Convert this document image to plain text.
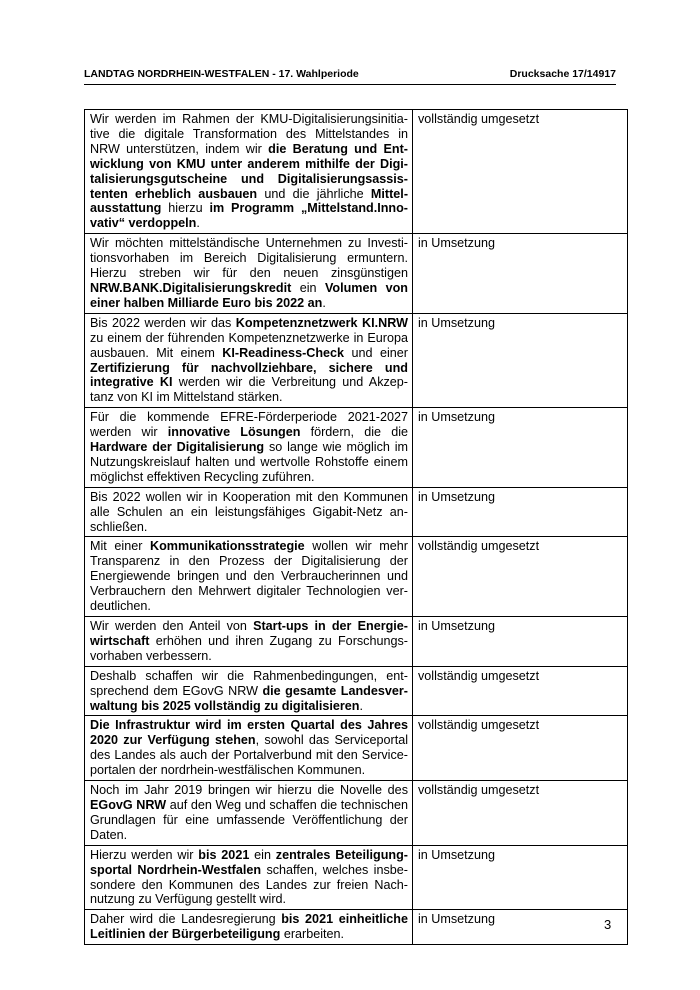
LANDTAG NORDRHEIN-WESTFALEN - 17. Wahlperiode	Drucksache 17/14917
Wir werden im Rahmen der KMU-Digitalisierungsinitiative die digitale Transformation des Mittelstandes in NRW unterstützen, indem wir die Beratung und Entwicklung von KMU unter anderem mithilfe der Digitalisierungsgutscheine und Digitalisierungsassistenten erheblich ausbauen und die jährliche Mittelausstattung hierzu im Programm „Mittelstand.Innovativ“ verdoppeln.	vollständig umgesetzt

Wir möchten mittelständische Unternehmen zu Investitionsvorhaben im Bereich Digitalisierung ermuntern. Hierzu streben wir für den neuen zinsgünstigen NRW.BANK.Digitalisierungskredit ein Volumen von einer halben Milliarde Euro bis 2022 an.	in Umsetzung

Bis 2022 werden wir das Kompetenznetzwerk KI.NRW zu einem der führenden Kompetenznetzwerke in Europa ausbauen. Mit einem KI-Readiness-Check und einer Zertifizierung für nachvollziehbare, sichere und integrative KI werden wir die Verbreitung und Akzeptanz von KI im Mittelstand stärken.	in Umsetzung

Für die kommende EFRE-Förderperiode 2021-2027 werden wir innovative Lösungen fördern, die die Hardware der Digitalisierung so lange wie möglich im Nutzungskreislauf halten und wertvolle Rohstoffe einem möglichst effektiven Recycling zuführen.	in Umsetzung

Bis 2022 wollen wir in Kooperation mit den Kommunen alle Schulen an ein leistungsfähiges Gigabit-Netz anschließen.	in Umsetzung

Mit einer Kommunikationsstrategie wollen wir mehr Transparenz in den Prozess der Digitalisierung der Energiewende bringen und den Verbraucherinnen und Verbrauchern den Mehrwert digitaler Technologien verdeutlichen.	vollständig umgesetzt

Wir werden den Anteil von Start-ups in der Energiewirtschaft erhöhen und ihren Zugang zu Forschungsvorhaben verbessern.	in Umsetzung

Deshalb schaffen wir die Rahmenbedingungen, entsprechend dem EGovG NRW die gesamte Landesverwaltung bis 2025 vollständig zu digitalisieren.	vollständig umgesetzt

Die Infrastruktur wird im ersten Quartal des Jahres 2020 zur Verfügung stehen, sowohl das Serviceportal des Landes als auch der Portalverbund mit den Serviceportalen der nordrhein-westfälischen Kommunen.	vollständig umgesetzt

Noch im Jahr 2019 bringen wir hierzu die Novelle des EGovG NRW auf den Weg und schaffen die technischen Grundlagen für eine umfassende Veröffentlichung der Daten.	vollständig umgesetzt

Hierzu werden wir bis 2021 ein zentrales Beteiligungsportal Nordrhein-Westfalen schaffen, welches insbesondere den Kommunen des Landes zur freien Nachnutzung zu Verfügung gestellt wird.	in Umsetzung

Daher wird die Landesregierung bis 2021 einheitliche Leitlinien der Bürgerbeteiligung erarbeiten.	in Umsetzung	3
